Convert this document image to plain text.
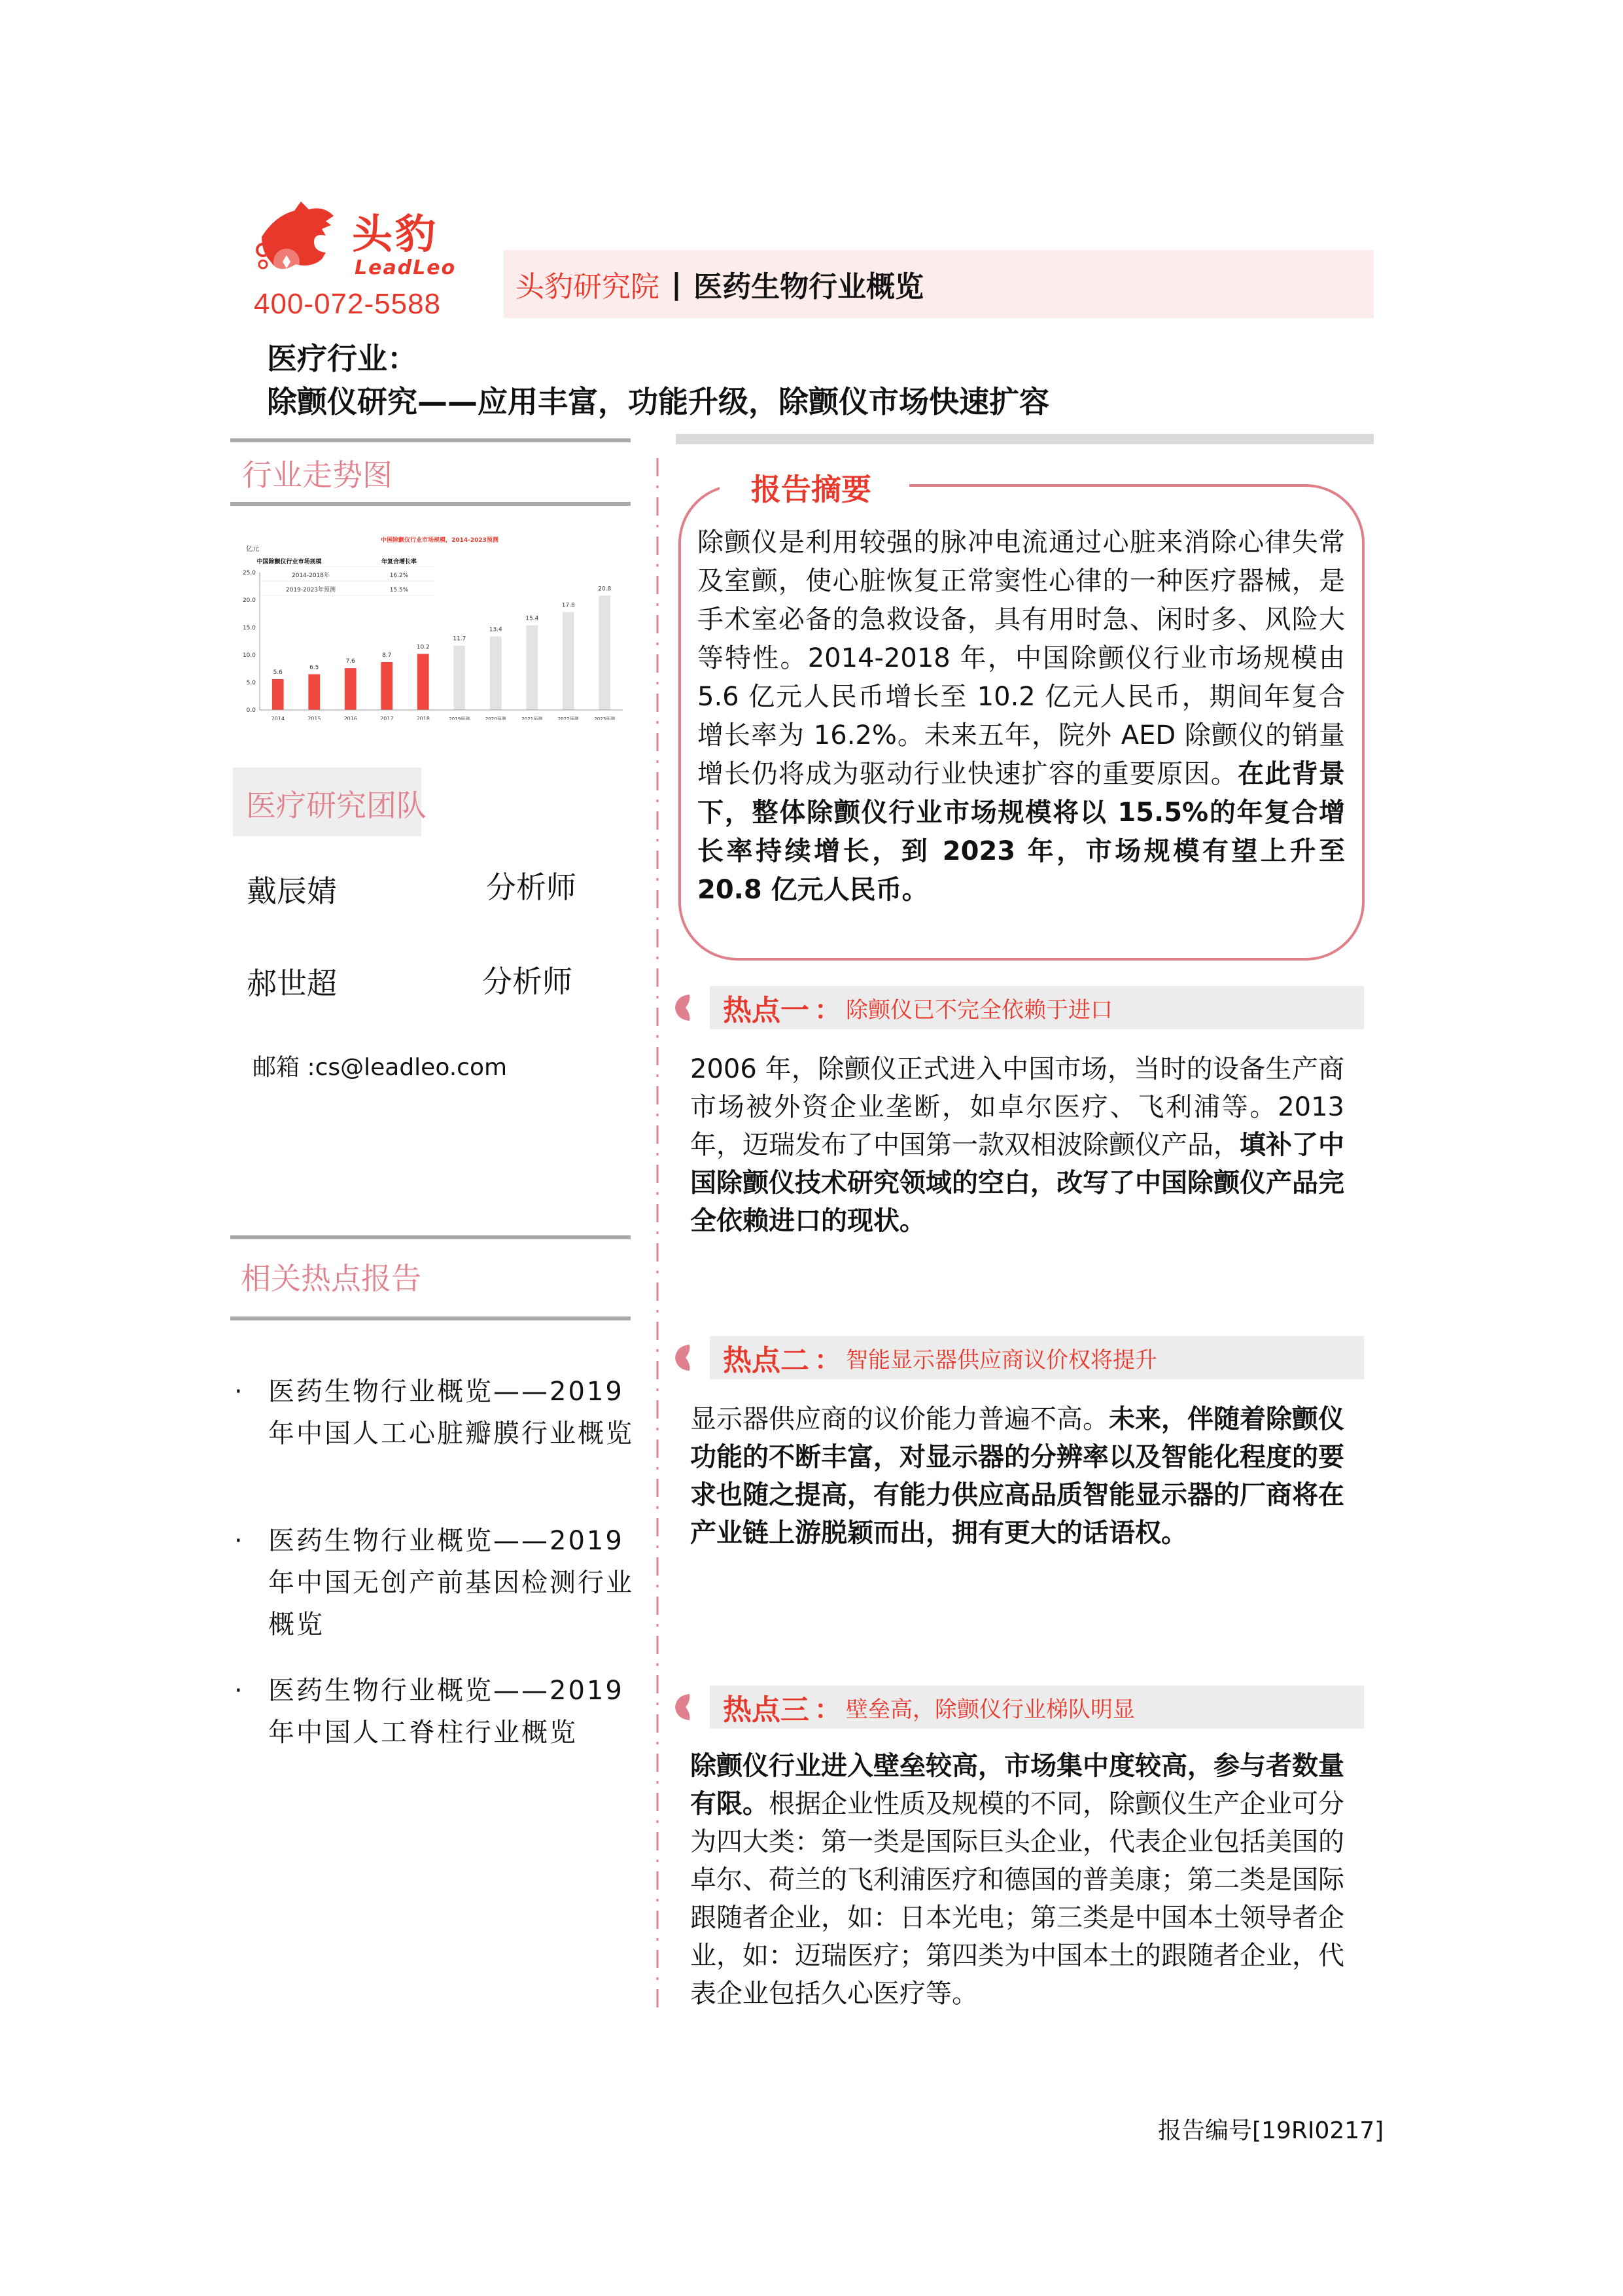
头豹
LeadLeo
400-072-5588
头豹研究院 | 医药生物行业概览
医疗行业：
除颤仪研究——应用丰富，功能升级，除颤仪市场快速扩容
行业走势图
中国除颤仪行业市场规模，2014-2023预测
亿元
0.0
5.0
10.0
15.0
20.0
25.0
5.6
6.5
7.6
8.7
10.2
11.7
13.4
15.4
17.8
20.8
2014	2015	2016	2017	2018	2019预测	2020预测	2021预测	2022预测	2023预测
中国除颤仪行业市场规模	年复合增长率
2014-2018年	16.2%
2019-2023年预测	15.5%
医疗研究团队
戴辰婧	分析师
郝世超	分析师
邮箱 :cs@leadleo.com
相关热点报告
· 医药生物行业概览——2019年中国人工心脏瓣膜行业概览
· 医药生物行业概览——2019年中国无创产前基因检测行业概览
· 医药生物行业概览——2019年中国人工脊柱行业概览
报告摘要
除颤仪是利用较强的脉冲电流通过心脏来消除心律失常及室颤，使心脏恢复正常窦性心律的一种医疗器械，是手术室必备的急救设备，具有用时急、闲时多、风险大等特性。2014-2018 年，中国除颤仪行业市场规模由 5.6 亿元人民币增长至 10.2 亿元人民币，期间年复合增长率为 16.2%。未来五年，院外 AED 除颤仪的销量增长仍将成为驱动行业快速扩容的重要原因。在此背景下，整体除颤仪行业市场规模将以 15.5%的年复合增长率持续增长，到 2023 年，市场规模有望上升至 20.8 亿元人民币。
热点一 ： 除颤仪已不完全依赖于进口
2006 年，除颤仪正式进入中国市场，当时的设备生产商市场被外资企业垄断，如卓尔医疗、飞利浦等。2013 年，迈瑞发布了中国第一款双相波除颤仪产品，填补了中国除颤仪技术研究领域的空白，改写了中国除颤仪产品完全依赖进口的现状。
热点二 ： 智能显示器供应商议价权将提升
显示器供应商的议价能力普遍不高。未来，伴随着除颤仪功能的不断丰富，对显示器的分辨率以及智能化程度的要求也随之提高，有能力供应高品质智能显示器的厂商将在产业链上游脱颖而出，拥有更大的话语权。
热点三 ： 壁垒高，除颤仪行业梯队明显
除颤仪行业进入壁垒较高，市场集中度较高，参与者数量有限。根据企业性质及规模的不同，除颤仪生产企业可分为四大类：第一类是国际巨头企业，代表企业包括美国的卓尔、荷兰的飞利浦医疗和德国的普美康；第二类是国际跟随者企业，如：日本光电；第三类是中国本土领导者企业，如：迈瑞医疗；第四类为中国本土的跟随者企业，代表企业包括久心医疗等。
报告编号[19RI0217]
